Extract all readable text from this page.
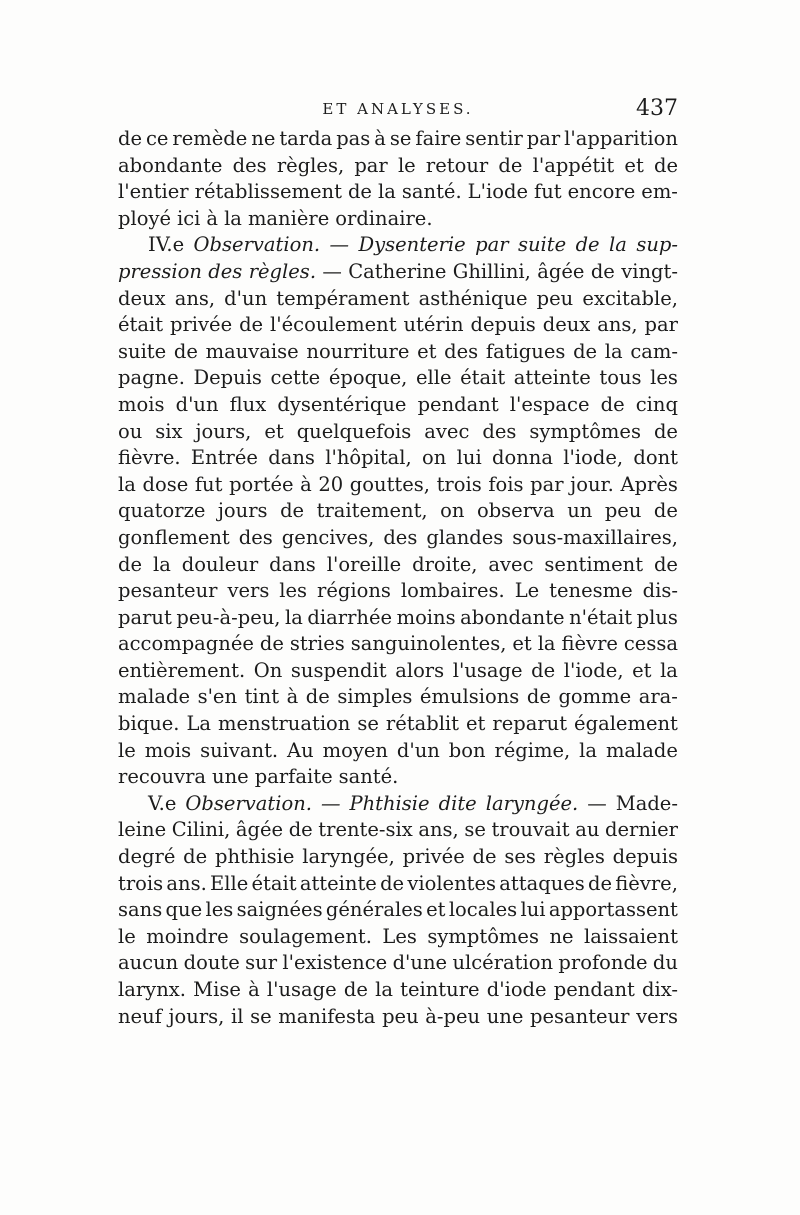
ET ANALYSES.	437
de ce remède ne tarda pas à se faire sentir par l'apparition
abondante des règles, par le retour de l'appétit et de
l'entier rétablissement de la santé. L'iode fut encore em-
ployé ici à la manière ordinaire.
IV.e Observation. — Dysenterie par suite de la sup-
pression des règles. — Catherine Ghillini, âgée de vingt-
deux ans, d'un tempérament asthénique peu excitable,
était privée de l'écoulement utérin depuis deux ans, par
suite de mauvaise nourriture et des fatigues de la cam-
pagne. Depuis cette époque, elle était atteinte tous les
mois d'un flux dysentérique pendant l'espace de cinq
ou six jours, et quelquefois avec des symptômes de
fièvre. Entrée dans l'hôpital, on lui donna l'iode, dont
la dose fut portée à 20 gouttes, trois fois par jour. Après
quatorze jours de traitement, on observa un peu de
gonflement des gencives, des glandes sous-maxillaires,
de la douleur dans l'oreille droite, avec sentiment de
pesanteur vers les régions lombaires. Le tenesme dis-
parut peu-à-peu, la diarrhée moins abondante n'était plus
accompagnée de stries sanguinolentes, et la fièvre cessa
entièrement. On suspendit alors l'usage de l'iode, et la
malade s'en tint à de simples émulsions de gomme ara-
bique. La menstruation se rétablit et reparut également
le mois suivant. Au moyen d'un bon régime, la malade
recouvra une parfaite santé.
V.e Observation. — Phthisie dite laryngée. — Made-
leine Cilini, âgée de trente-six ans, se trouvait au dernier
degré de phthisie laryngée, privée de ses règles depuis
trois ans. Elle était atteinte de violentes attaques de fièvre,
sans que les saignées générales et locales lui apportassent
le moindre soulagement. Les symptômes ne laissaient
aucun doute sur l'existence d'une ulcération profonde du
larynx. Mise à l'usage de la teinture d'iode pendant dix-
neuf jours, il se manifesta peu à-peu une pesanteur vers
